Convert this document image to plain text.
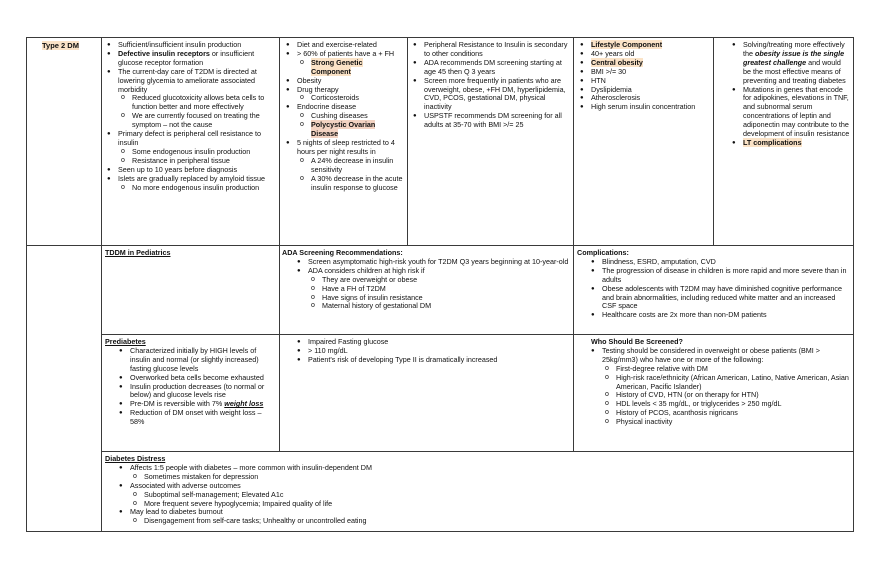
Type 2 DM
●	Sufficient/insufficient insulin production
● Defective insulin receptors or insufficient glucose receptor formation
● The current-day care of T2DM is directed at lowering glycemia to ameliorate associated morbidity
o Reduced glucotoxicity allows beta cells to function better and more effectively
o We are currently focused on treating the symptom – not the cause
● Primary defect is peripheral cell resistance to insulin
o Some endogenous insulin production
o Resistance in peripheral tissue
● Seen up to 10 years before diagnosis
● Islets are gradually replaced by amyloid tissue
o No more endogenous insulin production
● Diet and exercise-related
● > 60% of patients have a + FH
o Strong Genetic Component
● Obesity
● Drug therapy
o Corticosteroids
● Endocrine disease
o Cushing diseases
o Polycystic Ovarian Disease
● 5 nights of sleep restricted to 4 hours per night results in
o A 24% decrease in insulin sensitivity
o A 30% decrease in the acute insulin response to glucose
● Peripheral Resistance to Insulin is secondary to other conditions
● ADA recommends DM screening starting at age 45 then Q 3 years
● Screen more frequently in patients who are overweight, obese, +FH DM, hyperlipidemia, CVD, PCOS, gestational DM, physical inactivity
● USPSTF recommends DM screening for all adults at 35-70 with BMI >/= 25
● Lifestyle Component
● 40+ years old
● Central obesity
● BMI >/= 30
● HTN
● Dyslipidemia
● Atherosclerosis
● High serum insulin concentration
● Solving/treating more effectively the obesity issue is the single greatest challenge and would be the most effective means of preventing and treating diabetes
● Mutations in genes that encode for adipokines, elevations in TNF, and subnormal serum concentrations of leptin and adiponectin may contribute to the development of insulin resistance
● LT complications
TDDM in Pediatrics	ADA Screening Recommendations:
● Screen asymptomatic high-risk youth for T2DM Q3 years beginning at 10-year-old
● ADA considers children at high risk if
o They are overweight or obese
o Have a FH of T2DM
o Have signs of insulin resistance
o Maternal history of gestational DM
Complications:
● Blindness, ESRD, amputation, CVD
● The progression of disease in children is more rapid and more severe than in adults
● Obese adolescents with T2DM may have diminished cognitive performance and brain abnormalities, including reduced white matter and an increased CSF space
● Healthcare costs are 2x more than non-DM patients
Prediabetes
● Characterized initially by HIGH levels of insulin and normal (or slightly increased) fasting glucose levels
● Overworked beta cells become exhausted
● Insulin production decreases (to normal or below) and glucose levels rise
● Pre-DM is reversible with 7% weight loss
● Reduction of DM onset with weight loss – 58%
● Impaired Fasting glucose
● > 110 mg/dL
● Patient's risk of developing Type II is dramatically increased
Who Should Be Screened?
● Testing should be considered in overweight or obese patients (BMI > 25kg/mm3) who have one or more of the following:
o First-degree relative with DM
o High-risk race/ethnicity (African American, Latino, Native American, Asian American, Pacific Islander)
o History of CVD, HTN (or on therapy for HTN)
o HDL levels < 35 mg/dL, or triglycerides > 250 mg/dL
o History of PCOS, acanthosis nigricans
o Physical inactivity
Diabetes Distress
● Affects 1:5 people with diabetes – more common with insulin-dependent DM
o Sometimes mistaken for depression
● Associated with adverse outcomes
o Suboptimal self-management; Elevated A1c
o More frequent severe hypoglycemia; Impaired quality of life
● May lead to diabetes burnout
o Disengagement from self-care tasks; Unhealthy or uncontrolled eating
